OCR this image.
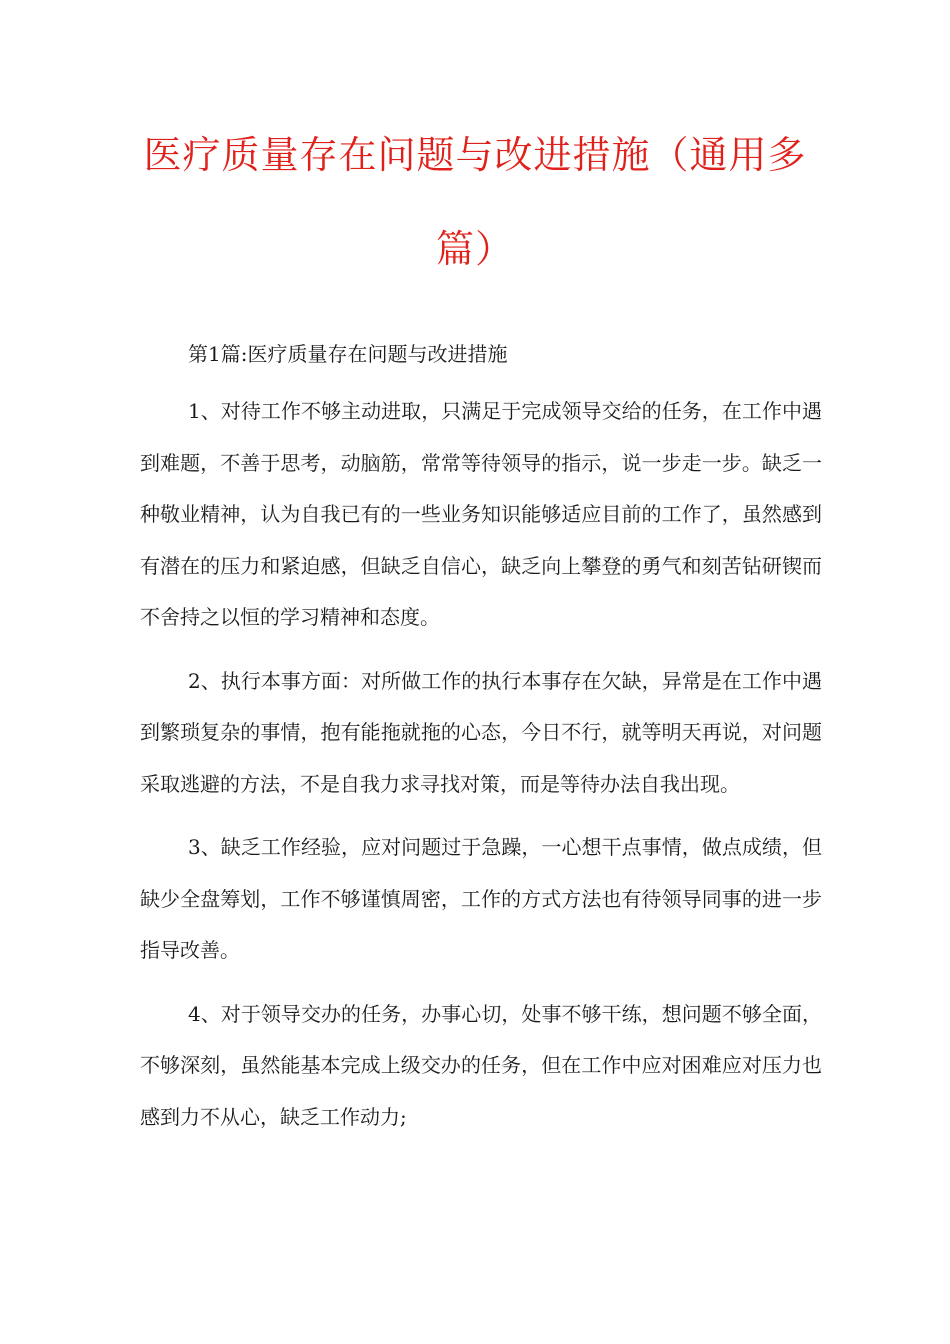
医疗质量存在问题与改进措施（通用多篇）

第1篇:医疗质量存在问题与改进措施

1、对待工作不够主动进取，只满足于完成领导交给的任务，在工作中遇到难题，不善于思考，动脑筋，常常等待领导的指示，说一步走一步。缺乏一种敬业精神，认为自我已有的一些业务知识能够适应目前的工作了，虽然感到有潜在的压力和紧迫感，但缺乏自信心，缺乏向上攀登的勇气和刻苦钻研锲而不舍持之以恒的学习精神和态度。

2、执行本事方面：对所做工作的执行本事存在欠缺，异常是在工作中遇到繁琐复杂的事情，抱有能拖就拖的心态，今日不行，就等明天再说，对问题采取逃避的方法，不是自我力求寻找对策，而是等待办法自我出现。

3、缺乏工作经验，应对问题过于急躁，一心想干点事情，做点成绩，但缺少全盘筹划，工作不够谨慎周密，工作的方式方法也有待领导同事的进一步指导改善。

4、对于领导交办的任务，办事心切，处事不够干练，想问题不够全面，不够深刻，虽然能基本完成上级交办的任务，但在工作中应对困难应对压力也感到力不从心，缺乏工作动力;
